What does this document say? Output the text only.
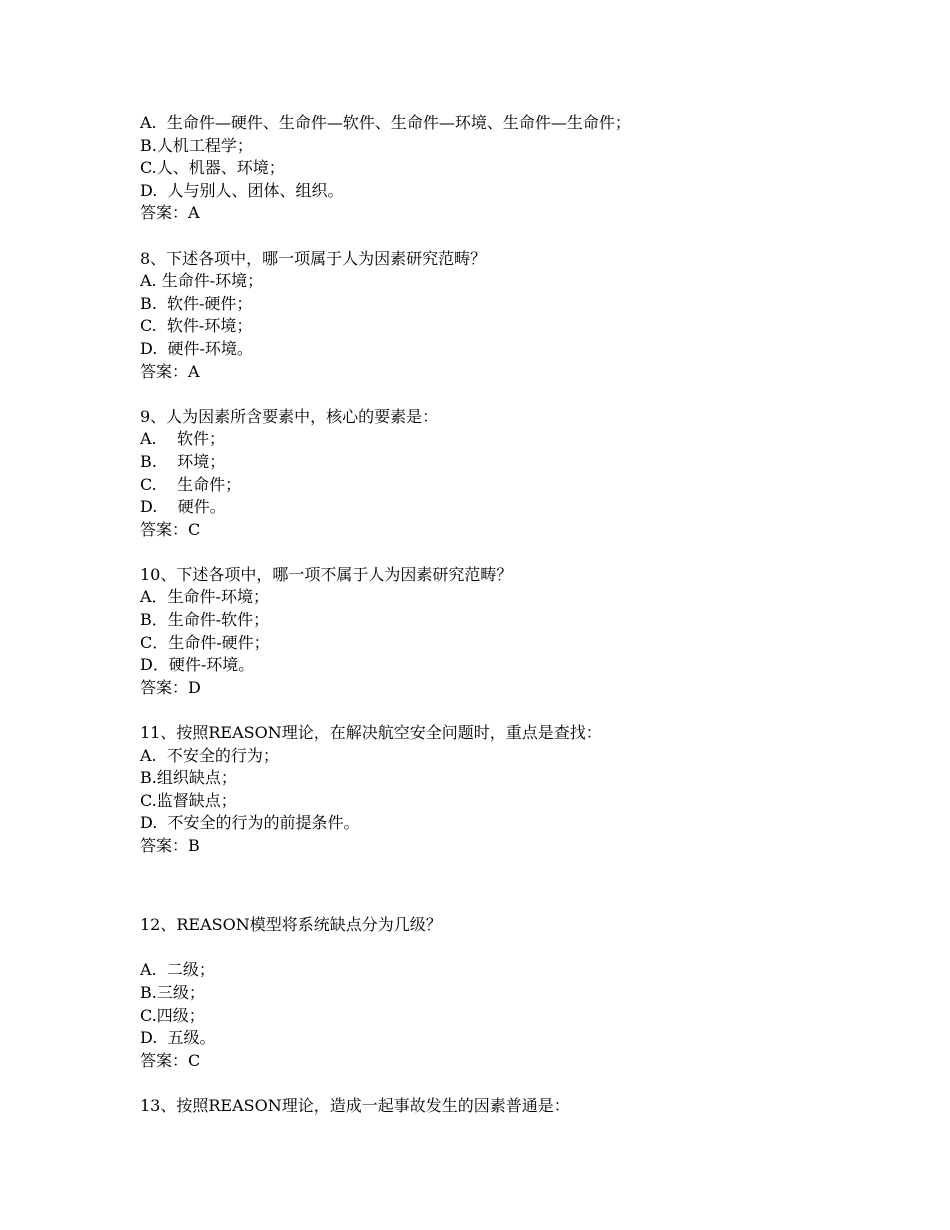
A.  生命件—硬件、生命件—软件、生命件—环境、生命件—生命件；

B.人机工程学；

C.人、机器、环境；

D.  人与别人、团体、组织。

答案：A

8、下述各项中，哪一项属于人为因素研究范畴？

A. 生命件-环境；

B.  软件-硬件；

C.  软件-环境；

D.  硬件-环境。

答案：A

9、人为因素所含要素中，核心的要素是：

A.    软件；

B.    环境；

C.    生命件；

D.    硬件。

答案：C

10、下述各项中，哪一项不属于人为因素研究范畴？

A．生命件-环境；

B．生命件-软件；

C．生命件-硬件；

D．硬件-环境。

答案：D

11、按照REASON理论，在解决航空安全问题时，重点是查找：

A.  不安全的行为；

B.组织缺点；

C.监督缺点；

D.  不安全的行为的前提条件。

答案：B

12、REASON模型将系统缺点分为几级？

A.  二级；

B.三级；

C.四级；

D.  五级。

答案：C

13、按照REASON理论，造成一起事故发生的因素普通是：
